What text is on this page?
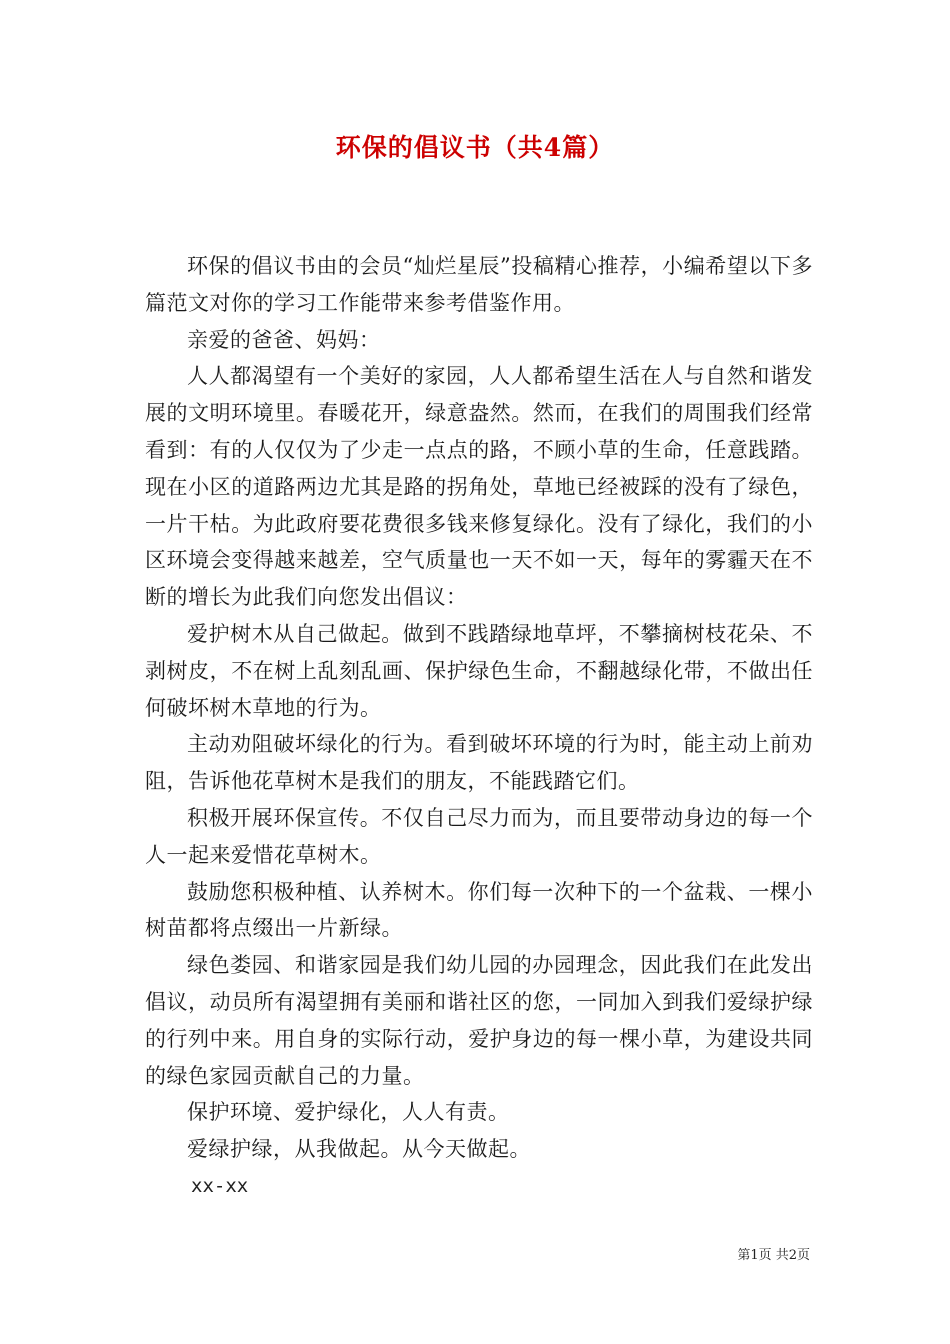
环保的倡议书（共4篇）

环保的倡议书由的会员“灿烂星辰”投稿精心推荐，小编希望以下多篇范文对你的学习工作能带来参考借鉴作用。

亲爱的爸爸、妈妈：

人人都渴望有一个美好的家园，人人都希望生活在人与自然和谐发展的文明环境里。春暖花开，绿意盎然。然而，在我们的周围我们经常看到：有的人仅仅为了少走一点点的路，不顾小草的生命，任意践踏。现在小区的道路两边尤其是路的拐角处，草地已经被踩的没有了绿色，一片干枯。为此政府要花费很多钱来修复绿化。没有了绿化，我们的小区环境会变得越来越差，空气质量也一天不如一天，每年的雾霾天在不断的增长为此我们向您发出倡议：

爱护树木从自己做起。做到不践踏绿地草坪，不攀摘树枝花朵、不剥树皮，不在树上乱刻乱画、保护绿色生命，不翻越绿化带，不做出任何破坏树木草地的行为。

主动劝阻破坏绿化的行为。看到破坏环境的行为时，能主动上前劝阻，告诉他花草树木是我们的朋友，不能践踏它们。

积极开展环保宣传。不仅自己尽力而为，而且要带动身边的每一个人一起来爱惜花草树木。

鼓励您积极种植、认养树木。你们每一次种下的一个盆栽、一棵小树苗都将点缀出一片新绿。

绿色娄园、和谐家园是我们幼儿园的办园理念，因此我们在此发出倡议，动员所有渴望拥有美丽和谐社区的您，一同加入到我们爱绿护绿的行列中来。用自身的实际行动，爱护身边的每一棵小草，为建设共同的绿色家园贡献自己的力量。

保护环境、爱护绿化，人人有责。

爱绿护绿，从我做起。从今天做起。

xx-xx

第1页 共2页
